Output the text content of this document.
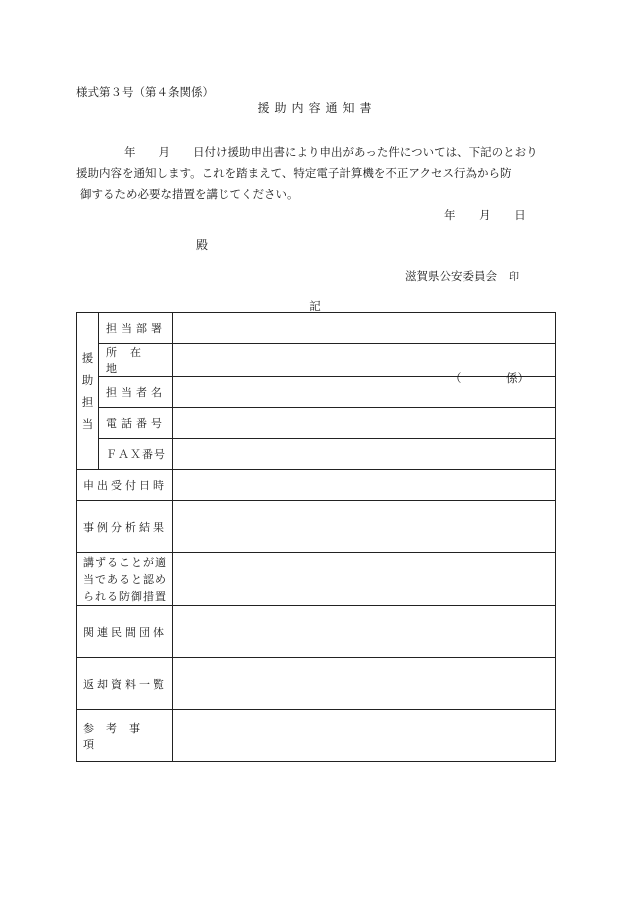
様式第３号（第４条関係）
援助内容通知書
年　　月　　日付け援助申出書により申出があった件については、下記のとおり
援助内容を通知します。これを踏まえて、特定電子計算機を不正アクセス行為から防
御するため必要な措置を講じてください。
年 月 日
殿
滋賀県公安委員会 印
記
援
助
担
当	担当部署	
	所在地	
	担当者名	（ 係）

	電話番号	
	ＦＡＸ番号	
申出受付日時		
事例分析結果		

講ずることが適
当であると認め
られる防御措置		

関連民間団体		
返却資料一覧		
参考事項		
